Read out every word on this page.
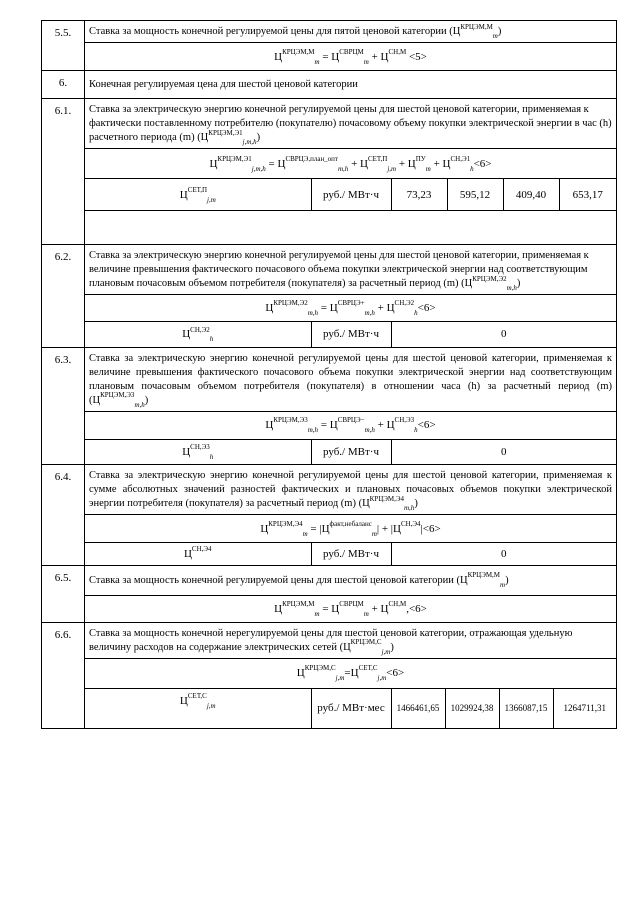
5.5.	Ставка за мощность конечной регулируемой цены для пятой ценовой категории $(Ц^{КРЦЭМ,М}_m)$
$Ц^{КРЦЭМ,М}_m = Ц^{СВРЦМ}_m + Ц^{СН,М} <5>$

6.	Конечная регулируемая цена для шестой ценовой категории
6.1.	Ставка за электрическую энергию конечной регулируемой цены для шестой ценовой категории, применяемая к фактически поставленному потребителю (покупателю) почасовому объему покупки электрической энергии в час (h) расчетного периода (m) $(Ц^{КРЦЭМ,Э1}_{j,m,h})$
$Ц^{КРЦЭМ,Э1}_{j,m,h} = Ц^{СВРЦЭ,план\_опт}_{m,h} + Ц^{СЕТ,П}_{j,m} + Ц^{ПУ}_m + Ц^{СН,Э1}_h<6>$
$Ц^{СЕТ,П}_{j,m}$	руб./ МВт·ч	73,23	595,12	409,40	653,17

6.2.	Ставка за электрическую энергию конечной регулируемой цены для шестой ценовой категории, применяемая к величине превышения фактического почасового объема покупки электрической энергии над соответствующим плановым почасовым объемом потребителя (покупателя) за расчетный период (m) $(Ц^{КРЦЭМ,Э2}_{m,h})$
$Ц^{КРЦЭМ,Э2}_{m,h} = Ц^{СВРЦЭ+}_{m,h} + Ц^{СН,Э2}_h<6>$
$Ц^{СН,Э2}_h$	руб./ МВт·ч	0

6.3.	Ставка за электрическую энергию конечной регулируемой цены для шестой ценовой категории, применяемая к величине превышения фактического почасового объема покупки электрической энергии над соответствующим плановым почасовым объемом потребителя (покупателя) в отношении часа (h) за расчетный период (m) $(Ц^{КРЦЭМ,Э3}_{m,h})$
$Ц^{КРЦЭМ,Э3}_{m,h} = Ц^{СВРЦЭ-}_{m,h} + Ц^{СН,Э3}_h<6>$
$Ц^{СН,Э3}_h$	руб./ МВт·ч	0

6.4.	Ставка за электрическую энергию конечной регулируемой цены для шестой ценовой категории, применяемая к сумме абсолютных значений разностей фактических и плановых почасовых объемов покупки электрической энергии потребителя (покупателя) за расчетный период (m) $(Ц^{КРЦЭМ,Э4}_{m,h})$
$Ц^{КРЦЭМ,Э4}_m = |Ц^{факт,небаланс}_m| + |Ц^{СН,Э4}|<6>$
$Ц^{СН,Э4}$	руб./ МВт·ч	0

6.5.	Ставка за мощность конечной регулируемой цены для шестой ценовой категории $(Ц^{КРЦЭМ,М}_m)$
$Ц^{КРЦЭМ,М}_m = Ц^{СВРЦМ}_m + Ц^{СН,М},<6>$

6.6.	Ставка за мощность конечной нерегулируемой цены для шестой ценовой категории, отражающая удельную величину расходов на содержание электрических сетей $(Ц^{КРЦЭМ,С}_{j,m})$
$Ц^{КРЦЭМ,С}_{j,m}=Ц^{СЕТ,С}_{j,m}<6>$
$Ц^{СЕТ,С}_{j,m}$	руб./ МВт·мес	1466461,65	1029924,38	1366087,15	1264711,31
